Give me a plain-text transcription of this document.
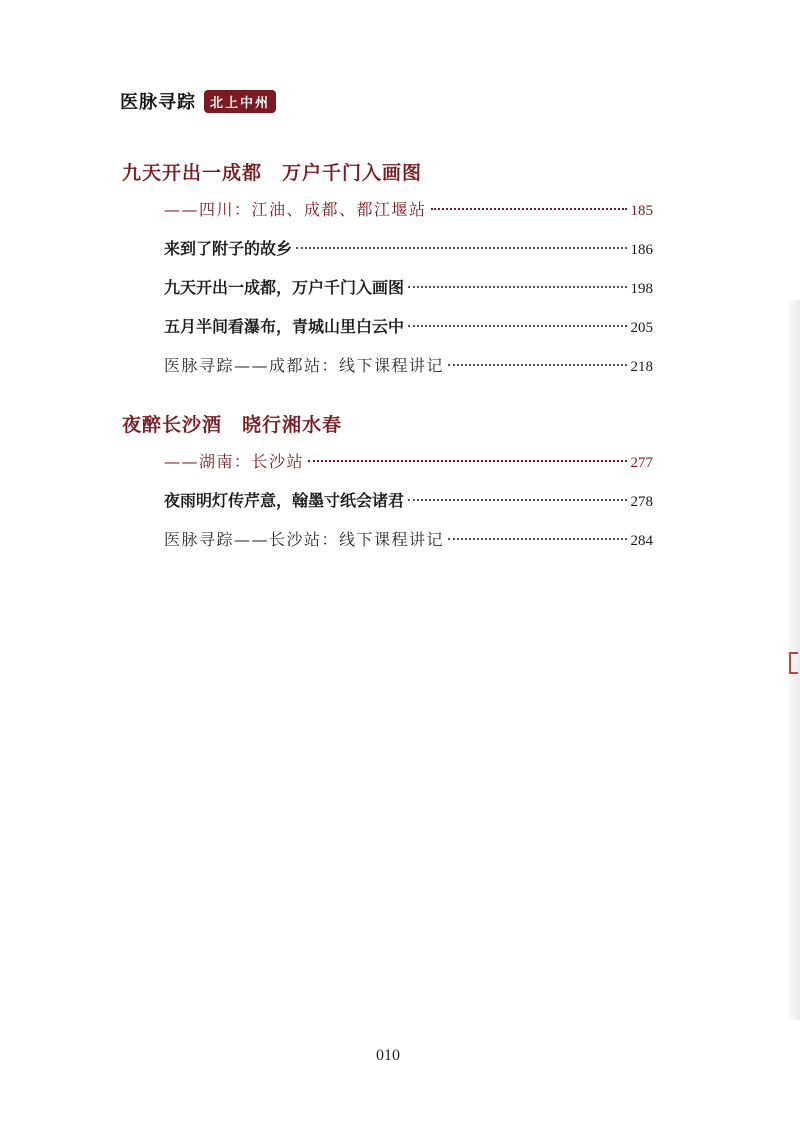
医脉寻踪	北上中州
九天开出一成都　万户千门入画图
——四川：江油、成都、都江堰站	185
来到了附子的故乡	186
九天开出一成都，万户千门入画图	198
五月半间看瀑布，青城山里白云中	205
医脉寻踪——成都站：线下课程讲记	218
夜醉长沙酒　晓行湘水春
——湖南：长沙站	277
夜雨明灯传芹意，翰墨寸纸会诸君	278
医脉寻踪——长沙站：线下课程讲记	284
010
